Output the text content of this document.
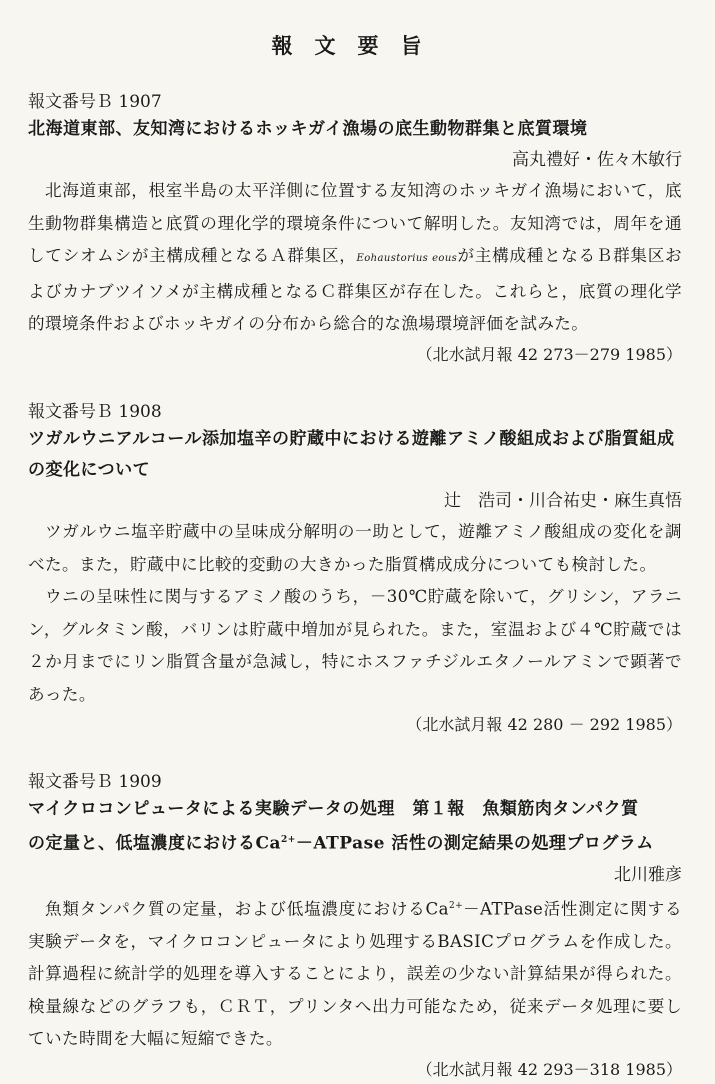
報文要旨
報文番号Ｂ 1907
北海道東部、友知湾におけるホッキガイ漁場の底生動物群集と底質環境
高丸禮好・佐々木敏行

北海道東部，根室半島の太平洋側に位置する友知湾のホッキガイ漁場において，底生動物群集構造と底質の理化学的環境条件について解明した。友知湾では，周年を通してシオムシが主構成種となるＡ群集区，Eohaustorius eousが主構成種となるＢ群集区およびカナブツイソメが主構成種となるＣ群集区が存在した。これらと，底質の理化学的環境条件およびホッキガイの分布から総合的な漁場環境評価を試みた。

（北水試月報 42 273－279 1985）
報文番号Ｂ 1908
ツガルウニアルコール添加塩辛の貯蔵中における遊離アミノ酸組成および脂質組成の変化について
辻　浩司・川合祐史・麻生真悟

ツガルウニ塩辛貯蔵中の呈味成分解明の一助として，遊離アミノ酸組成の変化を調べた。また，貯蔵中に比較的変動の大きかった脂質構成成分についても検討した。

ウニの呈味性に関与するアミノ酸のうち，－30℃貯蔵を除いて，グリシン，アラニン，グルタミン酸，バリンは貯蔵中増加が見られた。また，室温および４℃貯蔵では２か月までにリン脂質含量が急減し，特にホスファチジルエタノールアミンで顕著であった。

（北水試月報 42 280 － 292 1985）
報文番号Ｂ 1909
マイクロコンピュータによる実験データの処理　第１報　魚類筋肉タンパク質
の定量と、低塩濃度における$Ca^{2+}-ATPase$ 活性の測定結果の処理プログラム
北川雅彦

魚類タンパク質の定量，および低塩濃度における$Ca^{2+}-ATPase$活性測定に関する実験データを，マイクロコンピュータにより処理するBASICプログラムを作成した。計算過程に統計学的処理を導入することにより，誤差の少ない計算結果が得られた。検量線などのグラフも，ＣＲＴ，プリンタへ出力可能なため，従来データ処理に要していた時間を大幅に短縮できた。

（北水試月報 42 293－318 1985）
